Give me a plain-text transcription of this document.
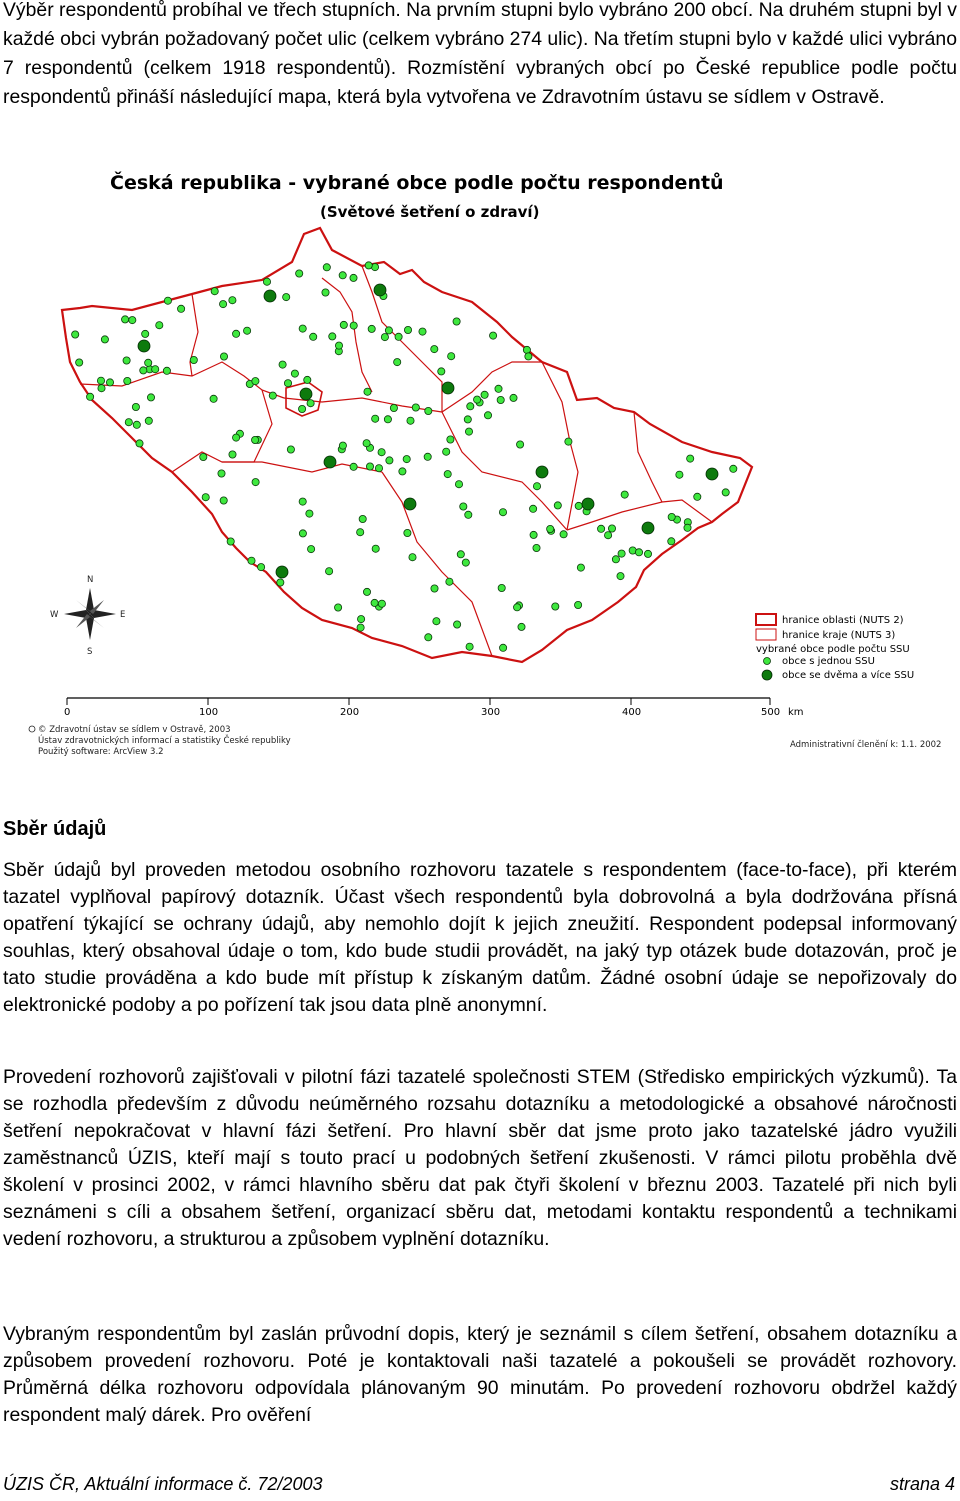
Výběr respondentů probíhal ve třech stupních. Na prvním stupni bylo vybráno 200 obcí. Na druhém stupni byl v každé obci vybrán požadovaný počet ulic (celkem vybráno 274 ulic). Na třetím stupni bylo v každé ulici vybráno 7 respondentů (celkem 1918 respondentů). Rozmístění vybraných obcí po České republice podle počtu respondentů přináší následující mapa, která byla vytvořena ve Zdravotním ústavu se sídlem v Ostravě.

N
S
W	E	hranice oblasti (NUTS 2)
hranice kraje (NUTS 3)
vybrané obce podle počtu SSU
obce s jednou SSU
obce se dvěma a více SSU
0	100	200	300	400	500 km
© Zdravotní ústav se sídlem v Ostravě, 2003
Ústav zdravotnických informací a statistiky České republiky
Použitý software: ArcView 3.2
Administrativní členění k: 1.1. 2002
Česká republika - vybrané obce podle počtu respondentů
(Světové šetření o zdraví)
Sběr údajů

Sběr údajů byl proveden metodou osobního rozhovoru tazatele s respondentem (face-to-face), při kterém tazatel vyplňoval papírový dotazník. Účast všech respondentů byla dobrovolná a byla dodržována přísná opatření týkající se ochrany údajů, aby nemohlo dojít k jejich zneužití. Respondent podepsal informovaný souhlas, který obsahoval údaje o tom, kdo bude studii provádět, na jaký typ otázek bude dotazován, proč je tato studie prováděna a kdo bude mít přístup k získaným datům. Žádné osobní údaje se nepořizovaly do elektronické podoby a po pořízení tak jsou data plně anonymní.

Provedení rozhovorů zajišťovali v pilotní fázi tazatelé společnosti STEM (Středisko empirických výzkumů). Ta se rozhodla především z důvodu neúměrného rozsahu dotazníku a metodologické a obsahové náročnosti šetření nepokračovat v hlavní fázi šetření. Pro hlavní sběr dat jsme proto jako tazatelské jádro využili zaměstnanců ÚZIS, kteří mají s touto prací u podobných šetření zkušenosti. V rámci pilotu proběhla dvě školení v prosinci 2002, v rámci hlavního sběru dat pak čtyři školení v březnu 2003. Tazatelé při nich byli seznámeni s cíli a obsahem šetření, organizací sběru dat, metodami kontaktu respondentů a technikami vedení rozhovoru, a strukturou a způsobem vyplnění dotazníku.

Vybraným respondentům byl zaslán průvodní dopis, který je seznámil s cílem šetření, obsahem dotazníku a způsobem provedení rozhovoru. Poté je kontaktovali naši tazatelé a pokoušeli se provádět rozhovory. Průměrná délka rozhovoru odpovídala plánovaným 90 minutám. Po provedení rozhovoru obdržel každý respondent malý dárek. Pro ověření

ÚZIS ČR, Aktuální informace č. 72/2003	strana 4
